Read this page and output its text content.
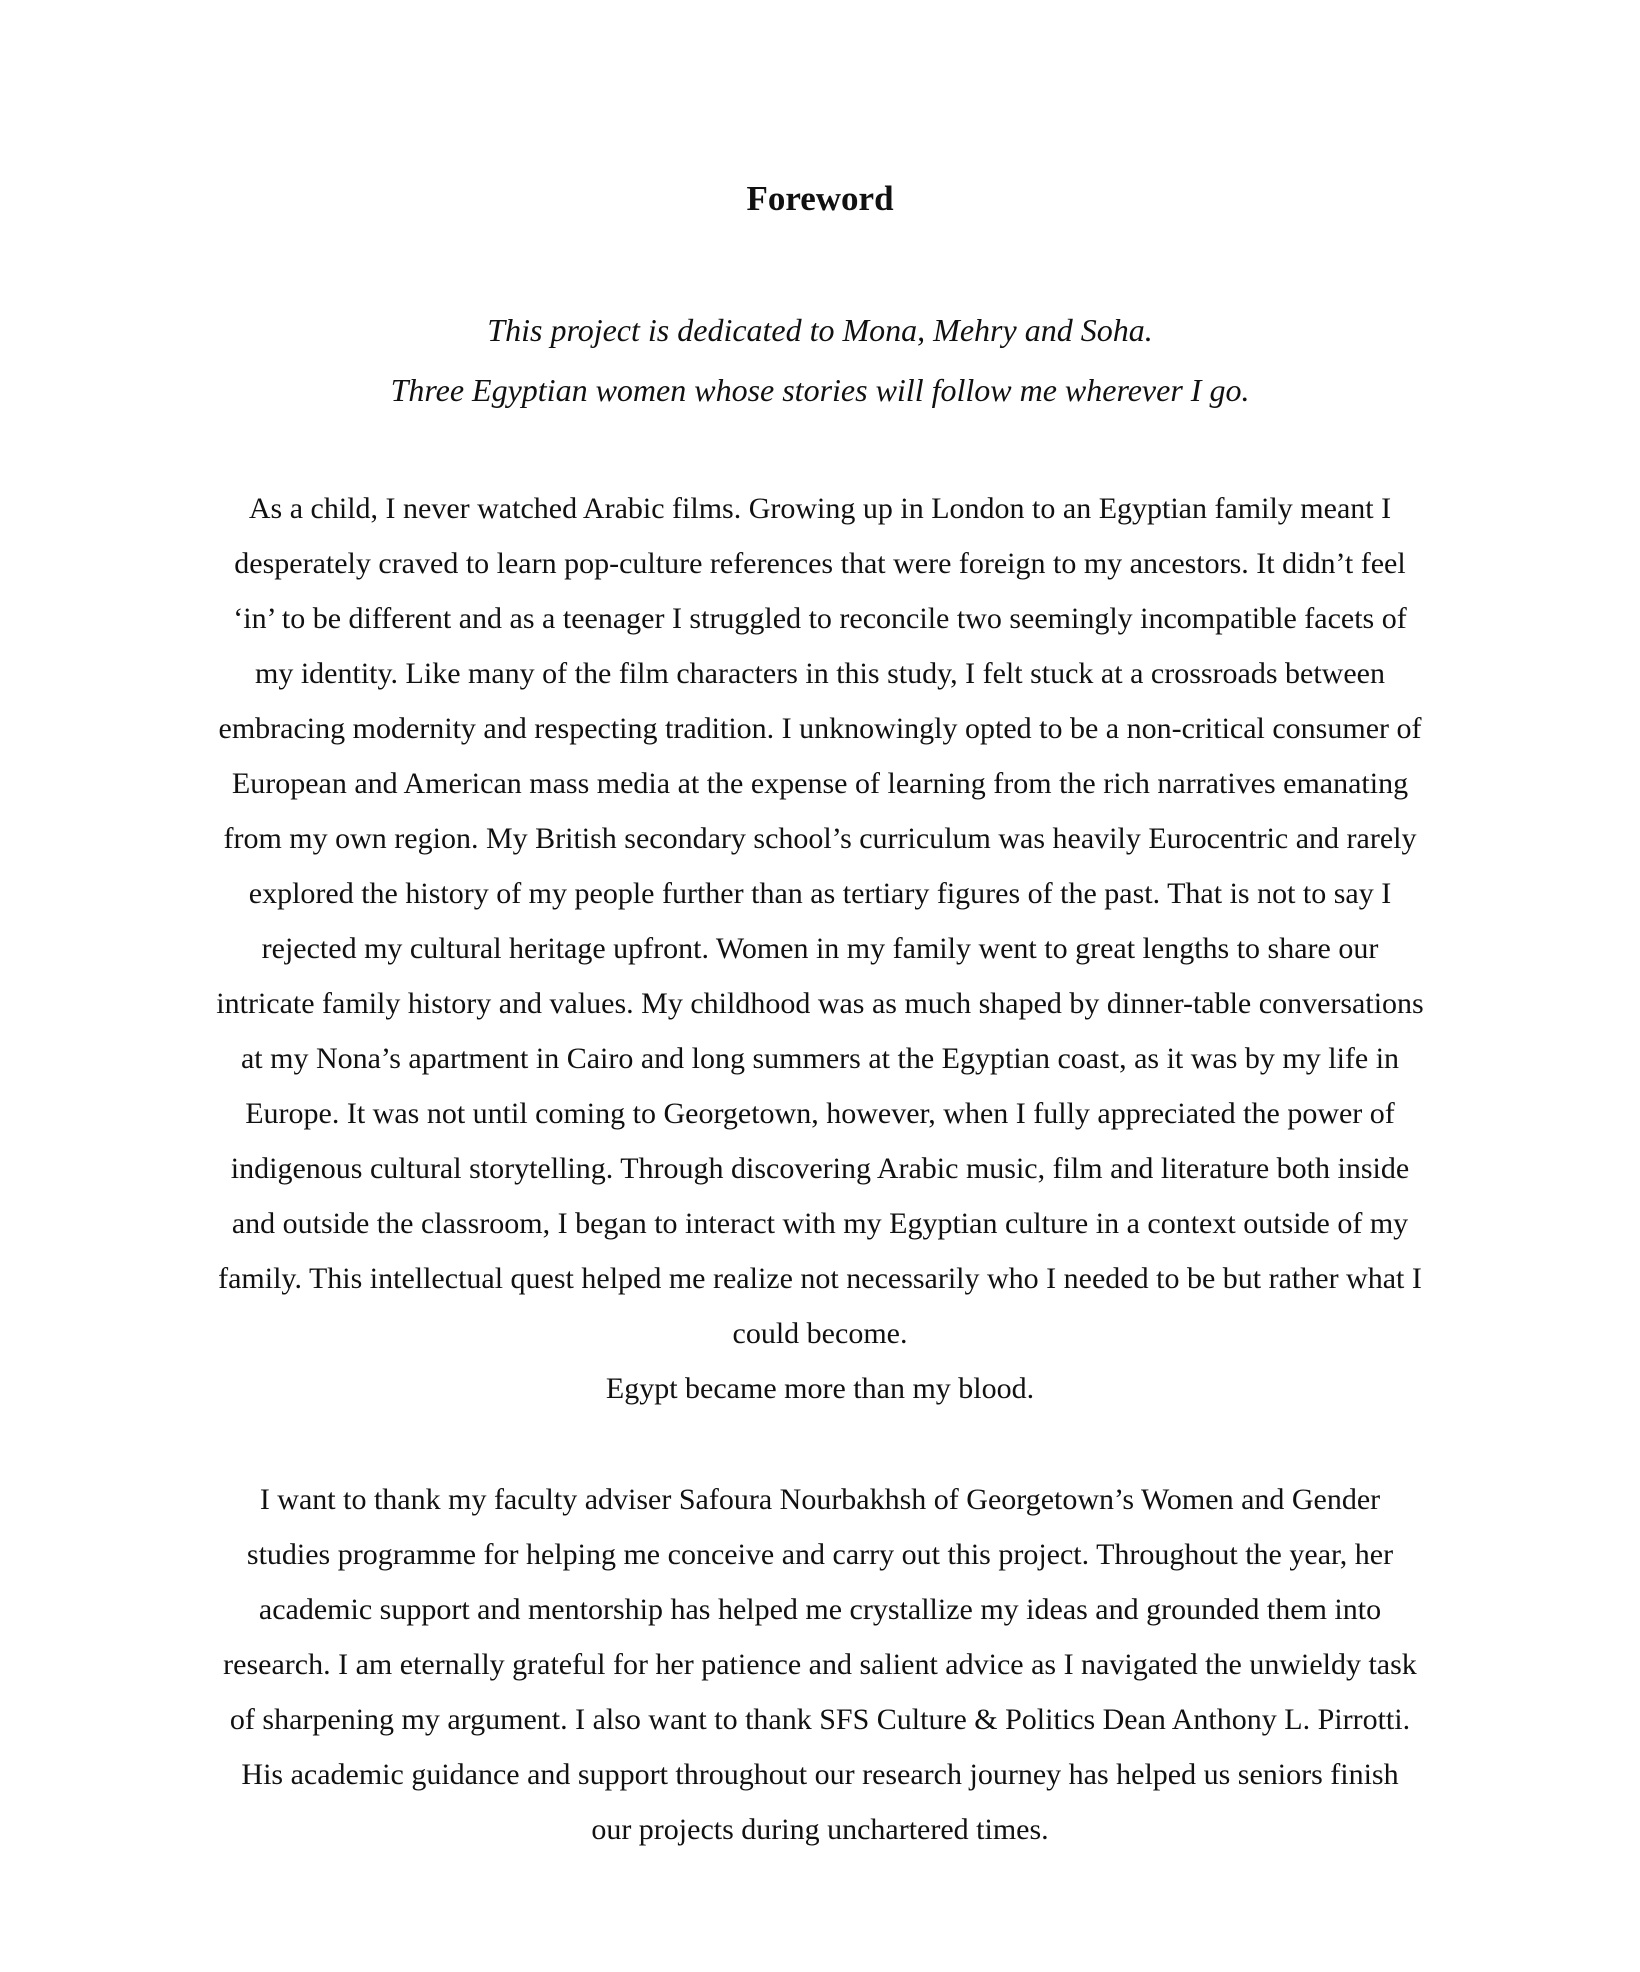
Foreword
This project is dedicated to Mona, Mehry and Soha.
Three Egyptian women whose stories will follow me wherever I go.
As a child, I never watched Arabic films. Growing up in London to an Egyptian family meant I
desperately craved to learn pop-culture references that were foreign to my ancestors. It didn’t feel
‘in’ to be different and as a teenager I struggled to reconcile two seemingly incompatible facets of
my identity. Like many of the film characters in this study, I felt stuck at a crossroads between
embracing modernity and respecting tradition. I unknowingly opted to be a non-critical consumer of
European and American mass media at the expense of learning from the rich narratives emanating
from my own region. My British secondary school’s curriculum was heavily Eurocentric and rarely
explored the history of my people further than as tertiary figures of the past. That is not to say I
rejected my cultural heritage upfront. Women in my family went to great lengths to share our
intricate family history and values. My childhood was as much shaped by dinner-table conversations
at my Nona’s apartment in Cairo and long summers at the Egyptian coast, as it was by my life in
Europe. It was not until coming to Georgetown, however, when I fully appreciated the power of
indigenous cultural storytelling. Through discovering Arabic music, film and literature both inside
and outside the classroom, I began to interact with my Egyptian culture in a context outside of my
family. This intellectual quest helped me realize not necessarily who I needed to be but rather what I
could become.
Egypt became more than my blood.
I want to thank my faculty adviser Safoura Nourbakhsh of Georgetown’s Women and Gender
studies programme for helping me conceive and carry out this project. Throughout the year, her
academic support and mentorship has helped me crystallize my ideas and grounded them into
research. I am eternally grateful for her patience and salient advice as I navigated the unwieldy task
of sharpening my argument. I also want to thank SFS Culture & Politics Dean Anthony L. Pirrotti.
His academic guidance and support throughout our research journey has helped us seniors finish
our projects during unchartered times.
